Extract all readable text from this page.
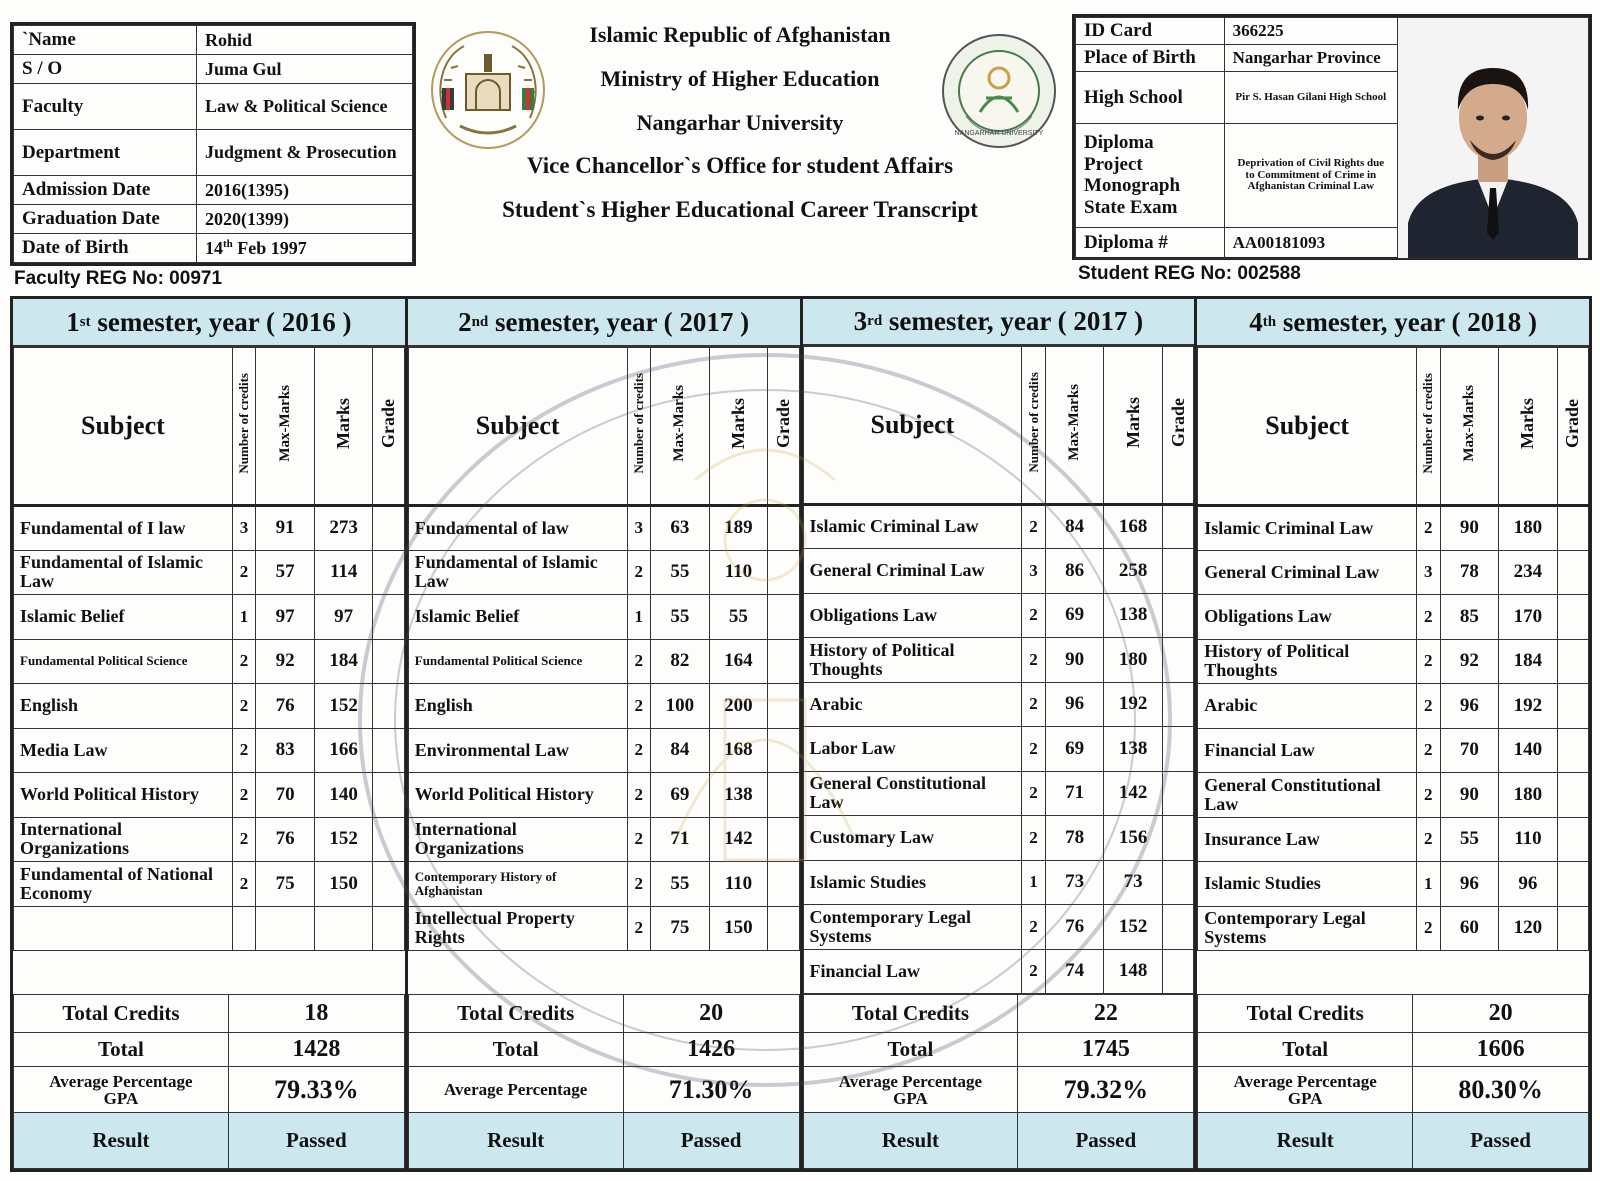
`Name	Rohid
S / O	Juma Gul
Faculty	Law & Political Science
Department	Judgment & Prosecution
Admission Date	2016(1395)
Graduation Date	2020(1399)
Date of Birth	14th Feb 1997
Faculty REG No: 00971
NANGARHAR UNIVERSITY
Islamic Republic of Afghanistan
Ministry of Higher Education
Nangarhar University
Vice Chancellor`s Office for student Affairs
Student`s Higher Educational Career Transcript
ID Card	366225	

Place of Birth	Nangarhar Province	
High School	Pir S. Hasan Gilani High School	
Diploma
Project
Monograph
State Exam	Deprivation of Civil Rights due to Commitment of Crime in Afghanistan Criminal Law	
Diploma #	AA00181093	
Student REG No: 002588
1 st semester, year ( 2016 )
Subject	Number of credits	Max-Marks	Marks	Grade
Fundamental of I law	3	91	273	
Fundamental of Islamic Law	2	57	114	
Islamic Belief	1	97	97	
Fundamental Political Science	2	92	184	
English	2	76	152	
Media Law	2	83	166	
World Political History	2	70	140	
International Organizations	2	76	152	
Fundamental of National Economy	2	75	150	

Total Credits	18
Total	1428

Average Percentage
GPA	79.33%
Result	Passed
2 nd semester, year ( 2017 )
Subject	Number of credits	Max-Marks	Marks	Grade
Fundamental of law	3	63	189	
Fundamental of Islamic Law	2	55	110	
Islamic Belief	1	55	55	
Fundamental Political Science	2	82	164	
English	2	100	200	
Environmental Law	2	84	168	
World Political History	2	69	138	
International Organizations	2	71	142	
Contemporary History of Afghanistan	2	55	110	
Intellectual Property Rights	2	75	150	
Total Credits	20
Total	1426
Average Percentage	71.30%
Result	Passed
3 rd semester, year ( 2017 )
Subject	Number of credits	Max-Marks	Marks	Grade
Islamic Criminal Law	2	84	168	
General Criminal Law	3	86	258	
Obligations Law	2	69	138	
History of Political Thoughts	2	90	180	
Arabic	2	96	192	
Labor Law	2	69	138	
General Constitutional Law	2	71	142	
Customary Law	2	78	156	
Islamic Studies	1	73	73	
Contemporary Legal Systems	2	76	152	
Financial Law	2	74	148	
Total Credits	22
Total	1745

Average Percentage
GPA	79.32%
Result	Passed
4 th semester, year ( 2018 )
Subject	Number of credits	Max-Marks	Marks	Grade
Islamic Criminal Law	2	90	180	
General Criminal Law	3	78	234	
Obligations Law	2	85	170	
History of Political Thoughts	2	92	184	
Arabic	2	96	192	
Financial Law	2	70	140	
General Constitutional Law	2	90	180	
Insurance Law	2	55	110	
Islamic Studies	1	96	96	
Contemporary Legal Systems	2	60	120	
Total Credits	20
Total	1606

Average Percentage
GPA	80.30%
Result	Passed
